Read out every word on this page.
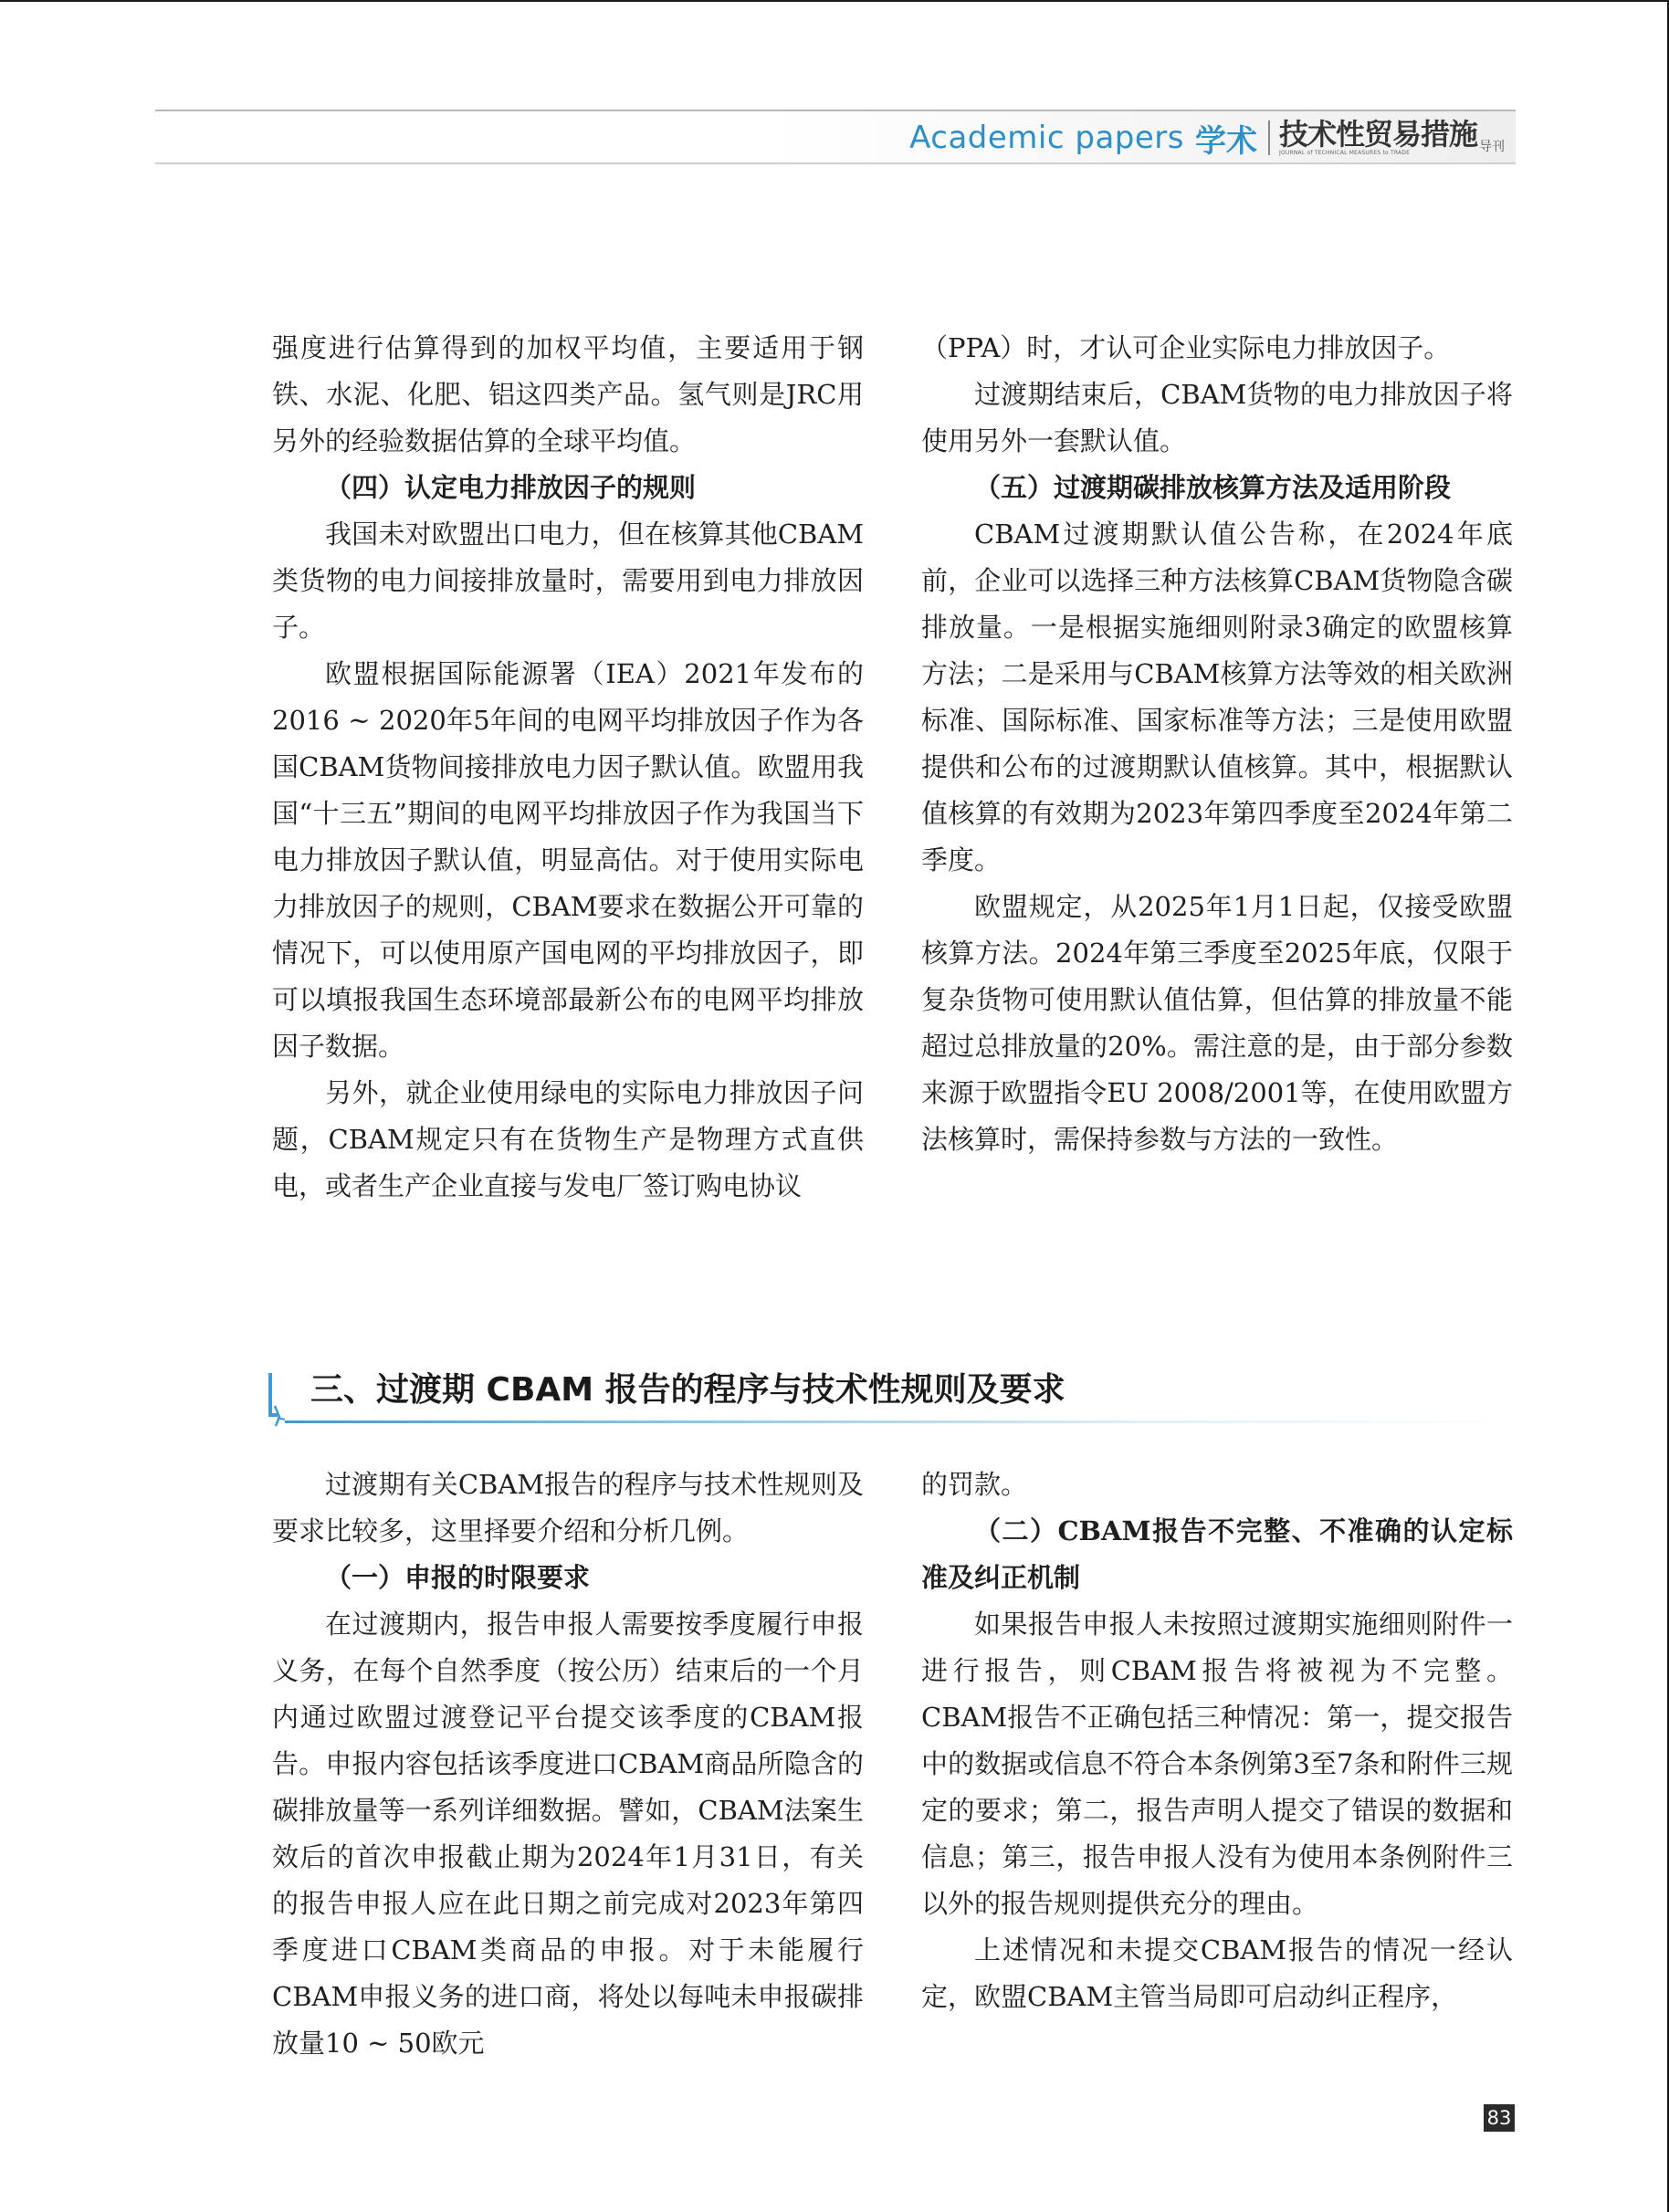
Academic papers 学术 技术性贸易措施
JOURNAL of TECHNICAL MEASURES to TRADE	导刊

强度进行估算得到的加权平均值，主要适用于钢铁、水泥、化肥、铝这四类产品。氢气则是JRC用另外的经验数据估算的全球平均值。

（四）认定电力排放因子的规则

我国未对欧盟出口电力，但在核算其他CBAM类货物的电力间接排放量时，需要用到电力排放因子。

欧盟根据国际能源署（IEA）2021年发布的2016 ~ 2020年5年间的电网平均排放因子作为各国CBAM货物间接排放电力因子默认值。欧盟用我国“十三五”期间的电网平均排放因子作为我国当下电力排放因子默认值，明显高估。对于使用实际电力排放因子的规则，CBAM要求在数据公开可靠的情况下，可以使用原产国电网的平均排放因子，即可以填报我国生态环境部最新公布的电网平均排放因子数据。

另外，就企业使用绿电的实际电力排放因子问题，CBAM规定只有在货物生产是物理方式直供电，或者生产企业直接与发电厂签订购电协议

（PPA）时，才认可企业实际电力排放因子。

过渡期结束后，CBAM货物的电力排放因子将使用另外一套默认值。

（五）过渡期碳排放核算方法及适用阶段

CBAM过渡期默认值公告称，在2024年底前，企业可以选择三种方法核算CBAM货物隐含碳排放量。一是根据实施细则附录3确定的欧盟核算方法；二是采用与CBAM核算方法等效的相关欧洲标准、国际标准、国家标准等方法；三是使用欧盟提供和公布的过渡期默认值核算。其中，根据默认值核算的有效期为2023年第四季度至2024年第二季度。

欧盟规定，从2025年1月1日起，仅接受欧盟核算方法。2024年第三季度至2025年底，仅限于复杂货物可使用默认值估算，但估算的排放量不能超过总排放量的20%。需注意的是，由于部分参数来源于欧盟指令EU 2008/2001等，在使用欧盟方法核算时，需保持参数与方法的一致性。

三、过渡期 CBAM 报告的程序与技术性规则及要求

过渡期有关CBAM报告的程序与技术性规则及要求比较多，这里择要介绍和分析几例。

（一）申报的时限要求

在过渡期内，报告申报人需要按季度履行申报义务，在每个自然季度（按公历）结束后的一个月内通过欧盟过渡登记平台提交该季度的CBAM报告。申报内容包括该季度进口CBAM商品所隐含的碳排放量等一系列详细数据。譬如，CBAM法案生效后的首次申报截止期为2024年1月31日，有关的报告申报人应在此日期之前完成对2023年第四季度进口CBAM类商品的申报。对于未能履行CBAM申报义务的进口商，将处以每吨未申报碳排放量10 ~ 50欧元

的罚款。

（二）CBAM报告不完整、不准确的认定标准及纠正机制

如果报告申报人未按照过渡期实施细则附件一进行报告，则CBAM报告将被视为不完整。CBAM报告不正确包括三种情况：第一，提交报告中的数据或信息不符合本条例第3至7条和附件三规定的要求；第二，报告声明人提交了错误的数据和信息；第三，报告申报人没有为使用本条例附件三以外的报告规则提供充分的理由。

上述情况和未提交CBAM报告的情况一经认定，欧盟CBAM主管当局即可启动纠正程序，

83
